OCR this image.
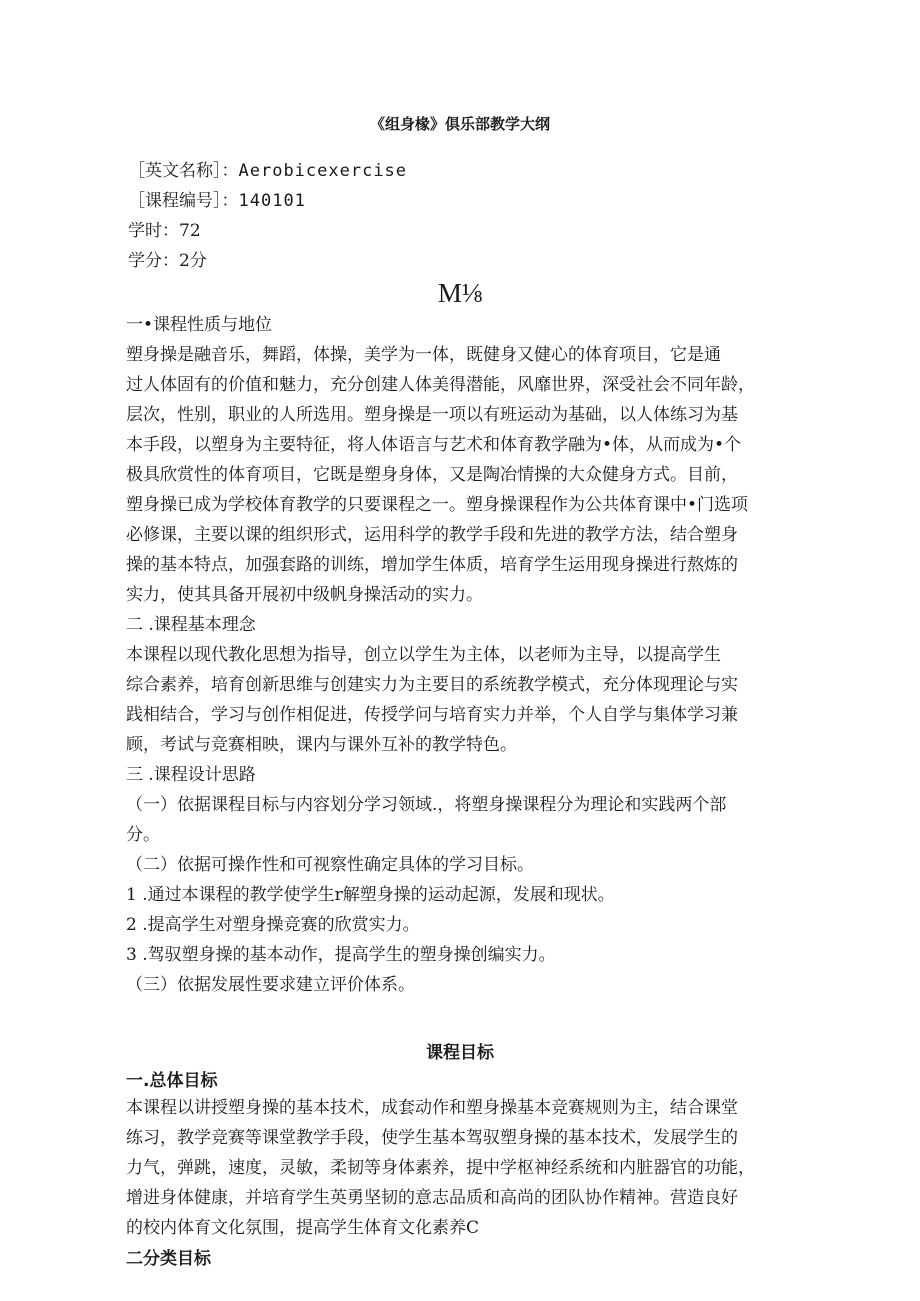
《组身椽》俱乐部教学大纲
［英文名称］：Aerobicexercise
［课程编号］：140101
学时：72
学分：2分
M⅛
一•课程性质与地位
塑身操是融音乐，舞蹈，体操，美学为一体，既健身又健心的体育项目，它是通
过人体固有的价值和魅力，充分创建人体美得潜能，风靡世界，深受社会不同年龄，
层次，性别，职业的人所选用。塑身操是一项以有班运动为基础，以人体练习为基
本手段，以塑身为主要特征，将人体语言与艺术和体育教学融为•体，从而成为•个
极具欣赏性的体育项目，它既是塑身身体，又是陶冶情操的大众健身方式。目前，
塑身操已成为学校体育教学的只要课程之一。塑身操课程作为公共体育课中•门选项
必修课，主要以课的组织形式，运用科学的教学手段和先进的教学方法，结合塑身
操的基本特点，加强套路的训练，增加学生体质，培育学生运用现身操进行熬炼的
实力，使其具备开展初中级帆身操活动的实力。
二 .课程基本理念
本课程以现代教化思想为指导，创立以学生为主体，以老师为主导，以提高学生
综合素养，培育创新思维与创建实力为主要目的系统教学模式，充分体现理论与实
践相结合，学习与创作相促进，传授学问与培育实力并举，个人自学与集体学习兼
顾，考试与竞赛相映，课内与课外互补的教学特色。
三 .课程设计思路
（一）依据课程目标与内容划分学习领域.，将塑身操课程分为理论和实践两个部
分。
（二）依据可操作性和可视察性确定具体的学习目标。
1 .通过本课程的教学使学生r解塑身操的运动起源，发展和现状。
2 .提高学生对塑身操竞赛的欣赏实力。
3 .驾驭塑身操的基本动作，提高学生的塑身操创编实力。
（三）依据发展性要求建立评价体系。
课程目标
一.总体目标
本课程以讲授塑身操的基本技术，成套动作和塑身操基本竞赛规则为主，结合课堂
练习，教学竞赛等课堂教学手段，使学生基本驾驭塑身操的基本技术，发展学生的
力气，弹跳，速度，灵敏，柔韧等身体素养，提中学枢神经系统和内脏器官的功能，
增进身体健康，并培育学生英勇坚韧的意志品质和高尚的团队协作精神。营造良好
的校内体育文化氛围，提高学生体育文化素养C
二分类目标
